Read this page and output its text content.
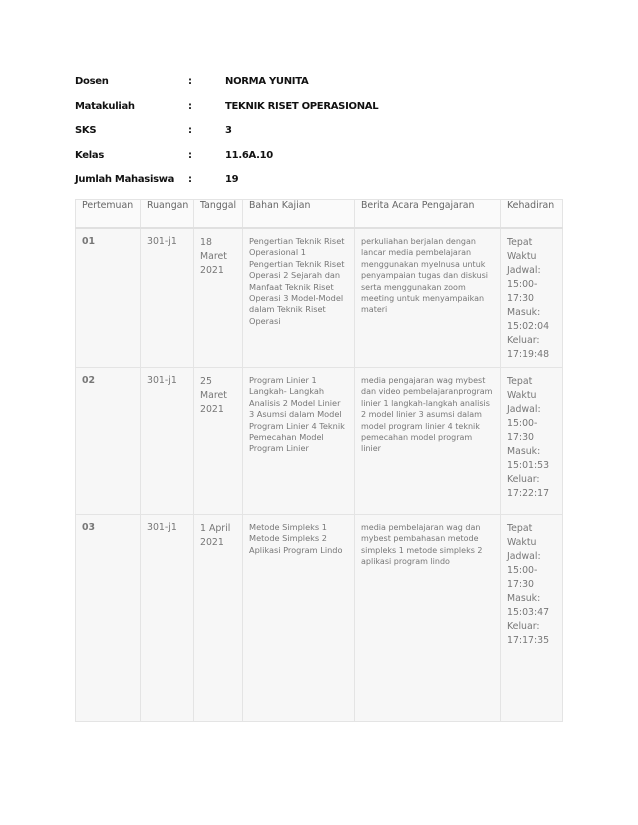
Dosen	:	NORMA YUNITA
Matakuliah	:	TEKNIK RISET OPERASIONAL
SKS	:	3
Kelas	:	11.6A.10
Jumlah Mahasiswa :	19
Pertemuan	Ruangan	Tanggal	Bahan Kajian	Berita Acara Pengajaran	Kehadiran
01	301-j1	18 Maret 2021	Pengertian Teknik Riset Operasional 1 Pengertian Teknik Riset Operasi 2 Sejarah dan Manfaat Teknik Riset Operasi 3 Model-Model dalam Teknik Riset Operasi	perkuliahan berjalan dengan lancar media pembelajaran menggunakan myelnusa untuk penyampaian tugas dan diskusi serta menggunakan zoom meeting untuk menyampaikan materi	Tepat Waktu
Jadwal: 15:00-17:30
Masuk: 15:02:04
Keluar: 17:19:48

02	301-j1	25 Maret 2021	Program Linier 1 Langkah- Langkah Analisis 2 Model Linier 3 Asumsi dalam Model Program Linier 4 Teknik Pemecahan Model Program Linier	media pengajaran wag mybest dan video pembelajaranprogram linier 1 langkah-langkah analisis 2 model linier 3 asumsi dalam model program linier 4 teknik pemecahan model program linier	Tepat Waktu
Jadwal: 15:00-17:30
Masuk: 15:01:53
Keluar: 17:22:17

03	301-j1	1 April 2021	Metode Simpleks 1 Metode Simpleks 2 Aplikasi Program Lindo	media pembelajaran wag dan mybest pembahasan metode simpleks 1 metode simpleks 2 aplikasi program lindo	Tepat Waktu
Jadwal: 15:00-17:30
Masuk: 15:03:47
Keluar: 17:17:35
